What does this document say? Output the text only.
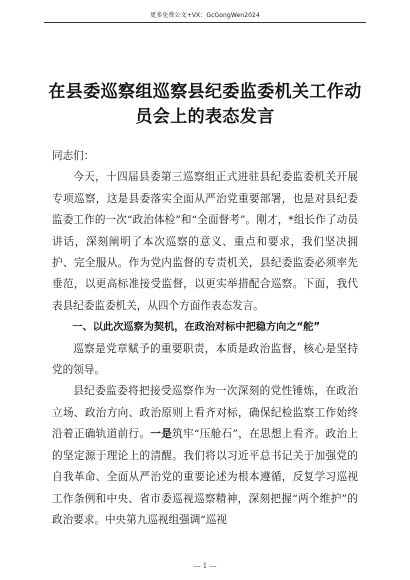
更多免费公文+VX：GcGongWen2024
在县委巡察组巡察县纪委监委机关工作动员会上的表态发言

同志们：

今天，十四届县委第三巡察组正式进驻县纪委监委机关开展专项巡察，这是县委落实全面从严治党重要部署，也是对县纪委监委工作的一次“政治体检”和“全面督考”。刚才，*组长作了动员讲话，深刻阐明了本次巡察的意义、重点和要求，我们坚决拥护、完全服从。作为党内监督的专责机关，县纪委监委必须率先垂范，以更高标准接受监督，以更实举措配合巡察。下面，我代表县纪委监委机关，从四个方面作表态发言。

一、以此次巡察为契机，在政治对标中把稳方向之“舵”

巡察是党章赋予的重要职责，本质是政治监督，核心是坚持党的领导。

县纪委监委将把接受巡察作为一次深刻的党性锤炼，在政治立场、政治方向、政治原则上看齐对标，确保纪检监察工作始终沿着正确轨道前行。一是筑牢“压舱石”，在思想上看齐。政治上的坚定源于理论上的清醒。我们将以习近平总书记关于加强党的自我革命、全面从严治党的重要论述为根本遵循，反复学习巡视工作条例和中央、省市委巡视巡察精神，深刻把握“两个维护”的政治要求。中央第九巡视组强调“巡视

— 1 —
